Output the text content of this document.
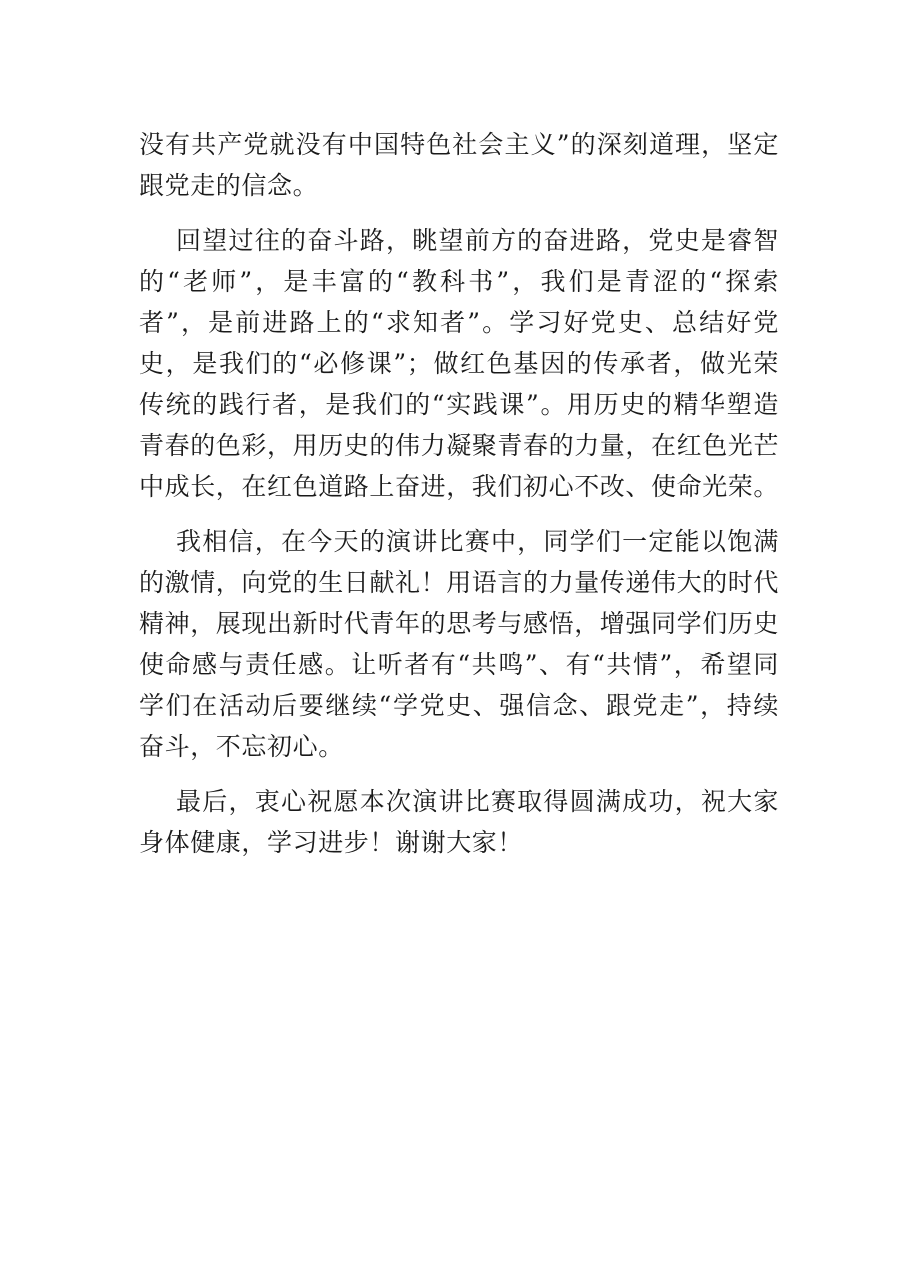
没有共产党就没有中国特色社会主义”的深刻道理，坚定跟党走的信念。

回望过往的奋斗路，眺望前方的奋进路，党史是睿智的“老师”，是丰富的“教科书”，我们是青涩的“探索者”，是前进路上的“求知者”。学习好党史、总结好党史，是我们的“必修课”；做红色基因的传承者，做光荣传统的践行者，是我们的“实践课”。用历史的精华塑造青春的色彩，用历史的伟力凝聚青春的力量，在红色光芒中成长，在红色道路上奋进，我们初心不改、使命光荣。

我相信，在今天的演讲比赛中，同学们一定能以饱满的激情，向党的生日献礼！用语言的力量传递伟大的时代精神，展现出新时代青年的思考与感悟，增强同学们历史使命感与责任感。让听者有“共鸣”、有“共情”，希望同学们在活动后要继续“学党史、强信念、跟党走”，持续奋斗，不忘初心。

最后，衷心祝愿本次演讲比赛取得圆满成功，祝大家身体健康，学习进步！谢谢大家！
